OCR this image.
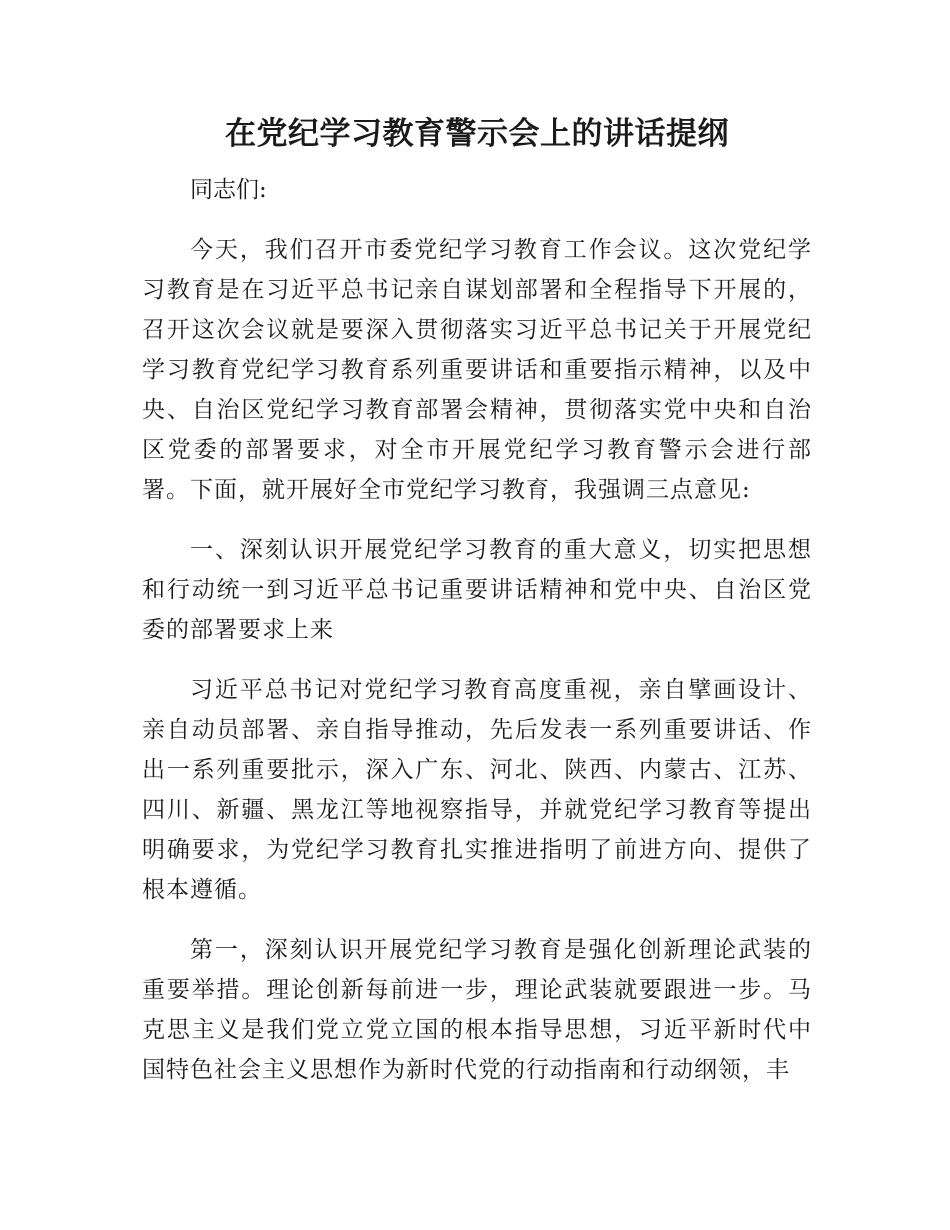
在党纪学习教育警示会上的讲话提纲

同志们:

今天，我们召开市委党纪学习教育工作会议。这次党纪学习教育是在习近平总书记亲自谋划部署和全程指导下开展的，召开这次会议就是要深入贯彻落实习近平总书记关于开展党纪学习教育党纪学习教育系列重要讲话和重要指示精神，以及中央、自治区党纪学习教育部署会精神，贯彻落实党中央和自治区党委的部署要求，对全市开展党纪学习教育警示会进行部署。下面，就开展好全市党纪学习教育，我强调三点意见:

一、深刻认识开展党纪学习教育的重大意义，切实把思想和行动统一到习近平总书记重要讲话精神和党中央、自治区党委的部署要求上来

习近平总书记对党纪学习教育高度重视，亲自擘画设计、亲自动员部署、亲自指导推动，先后发表一系列重要讲话、作出一系列重要批示，深入广东、河北、陕西、内蒙古、江苏、四川、新疆、黑龙江等地视察指导，并就党纪学习教育等提出明确要求，为党纪学习教育扎实推进指明了前进方向、提供了根本遵循。

第一，深刻认识开展党纪学习教育是强化创新理论武装的重要举措。理论创新每前进一步，理论武装就要跟进一步。马克思主义是我们党立党立国的根本指导思想，习近平新时代中国特色社会主义思想作为新时代党的行动指南和行动纲领，丰
